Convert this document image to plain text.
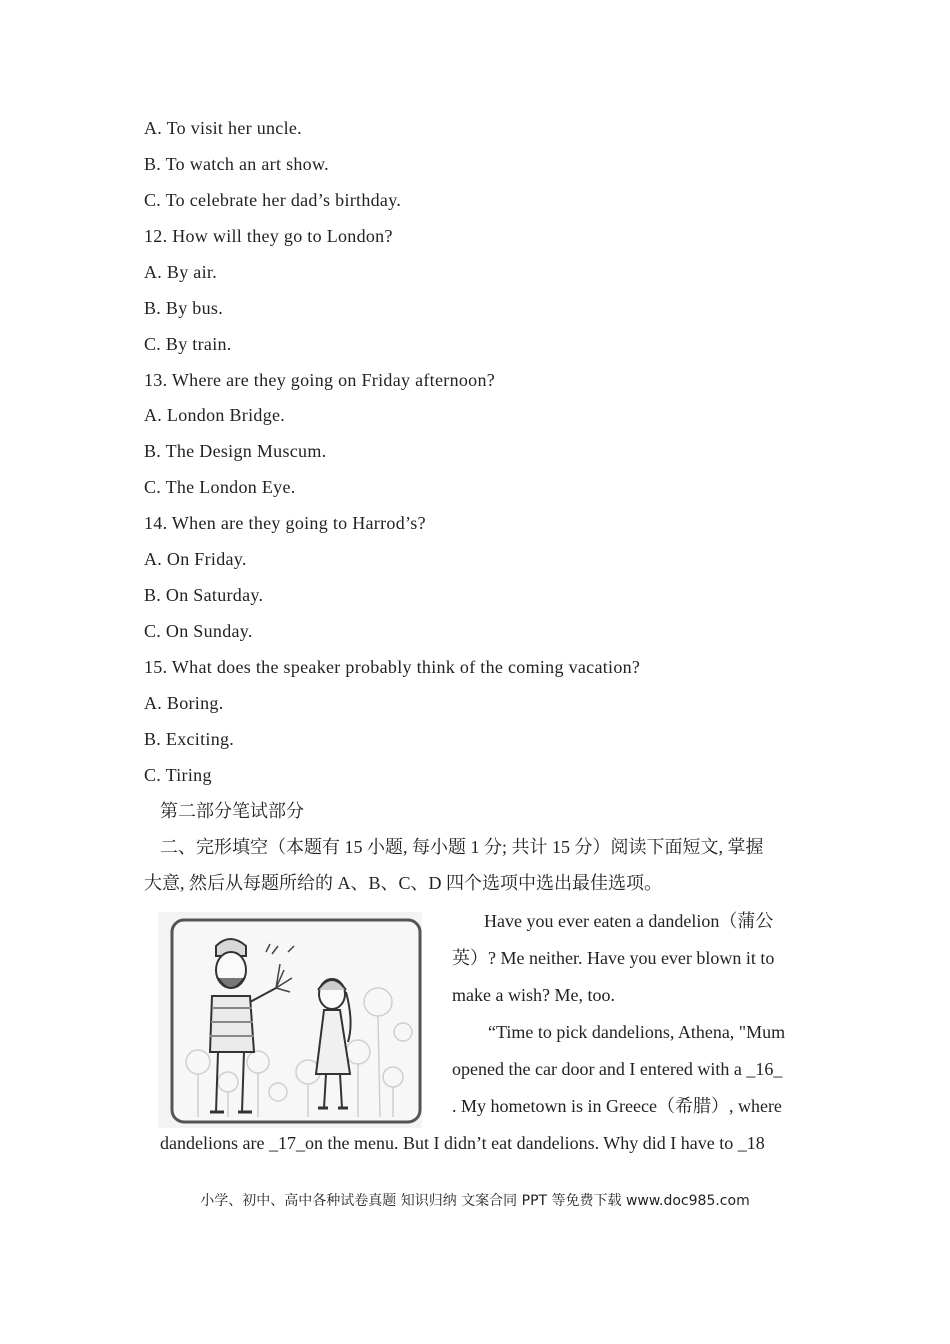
A. To visit her uncle.
B. To watch an art show.
C. To celebrate her dad’s birthday.
12. How will they go to London?
A. By air.
B. By bus.
C. By train.
13. Where are they going on Friday afternoon?
A. London Bridge.
B. The Design Muscum.
C. The London Eye.
14. When are they going to Harrod’s?
A. On Friday.
B. On Saturday.
C. On Sunday.
15. What does the speaker probably think of the coming vacation?
A. Boring.
B. Exciting.
C. Tiring
第二部分笔试部分
二、完形填空（本题有 15 小题, 每小题 1 分; 共计 15 分）阅读下面短文, 掌握
大意, 然后从每题所给的 A、B、C、D 四个选项中选出最佳选项。
Have you ever eaten a dandelion（蒲公
英）? Me neither. Have you ever blown it to
make a wish? Me, too.
“Time to pick dandelions, Athena, "Mum
opened the car door and I entered with a _16_
. My hometown is in Greece（希腊）, where
dandelions are _17_on the menu. But I didn’t eat dandelions. Why did I have to _18
小学、初中、高中各种试卷真题 知识归纳 文案合同 PPT 等免费下载 www.doc985.com
